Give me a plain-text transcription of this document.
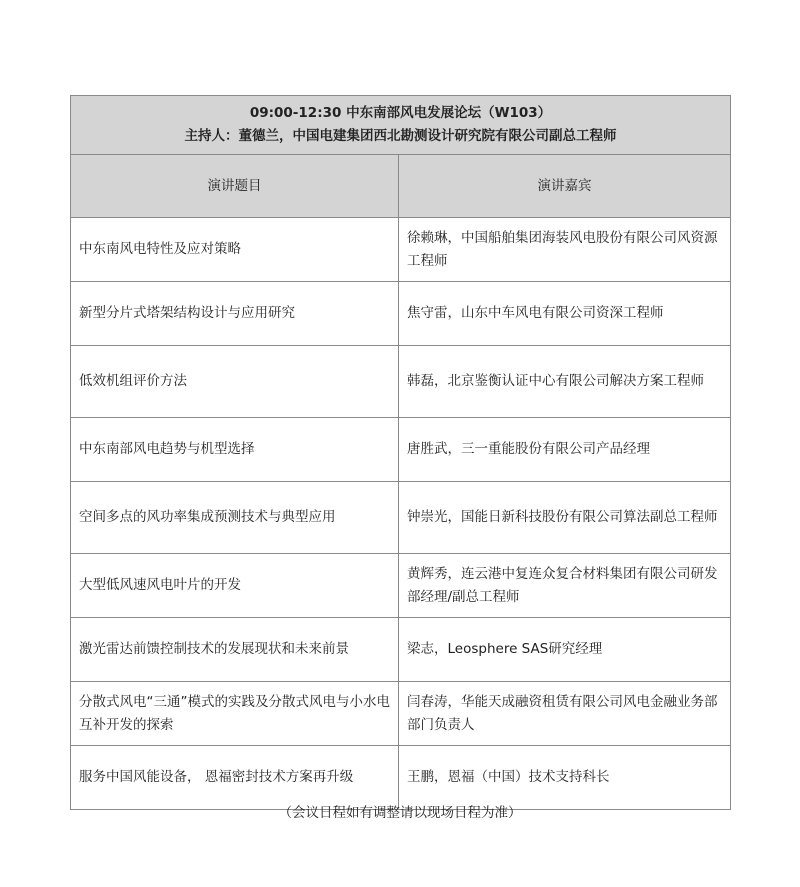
09:00-12:30 中东南部风电发展论坛（W103）
主持人：董德兰，中国电建集团西北勘测设计研究院有限公司副总工程师	

演讲题目	演讲嘉宾
中东南风电特性及应对策略	徐赖琳，中国船舶集团海装风电股份有限公司风资源工程师
新型分片式塔架结构设计与应用研究	焦守雷，山东中车风电有限公司资深工程师
低效机组评价方法	韩磊，北京鉴衡认证中心有限公司解决方案工程师
中东南部风电趋势与机型选择	唐胜武，三一重能股份有限公司产品经理
空间多点的风功率集成预测技术与典型应用	钟崇光，国能日新科技股份有限公司算法副总工程师
大型低风速风电叶片的开发	黄辉秀，连云港中复连众复合材料集团有限公司研发部经理/副总工程师
激光雷达前馈控制技术的发展现状和未来前景	梁志，Leosphere SAS研究经理
分散式风电“三通”模式的实践及分散式风电与小水电互补开发的探索	闫春涛，华能天成融资租赁有限公司风电金融业务部部门负责人
服务中国风能设备， 恩福密封技术方案再升级	王鹏，恩福（中国）技术支持科长
（会议日程如有调整请以现场日程为准）
